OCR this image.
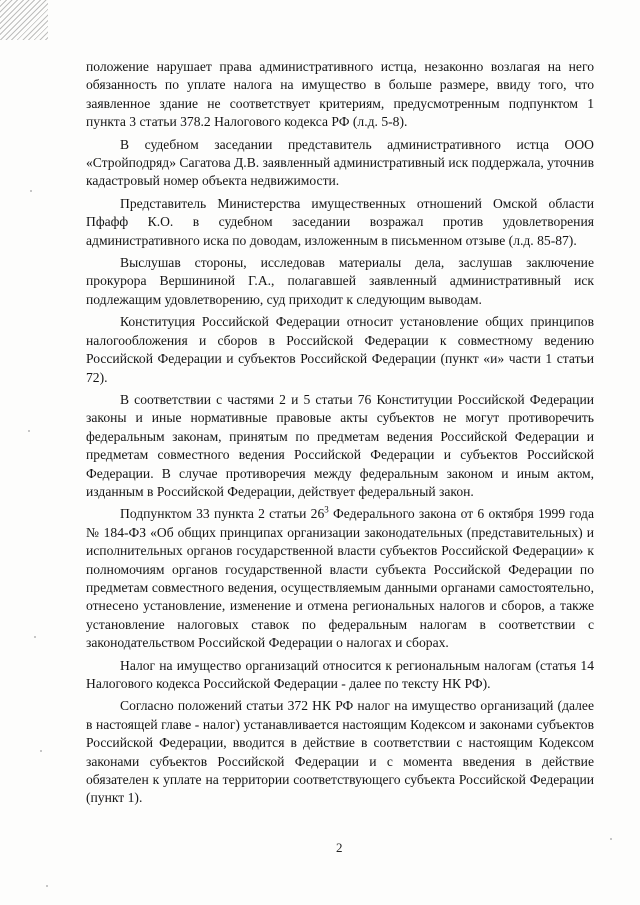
положение нарушает права административного истца, незаконно возлагая на него обязанность по уплате налога на имущество в больше размере, ввиду того, что заявленное здание не соответствует критериям, предусмотренным подпунктом 1 пункта 3 статьи 378.2 Налогового кодекса РФ (л.д. 5-8).

В судебном заседании представитель административного истца ООО «Стройподряд» Сагатова Д.В. заявленный административный иск поддержала, уточнив кадастровый номер объекта недвижимости.

Представитель Министерства имущественных отношений Омской области Пфафф К.О. в судебном заседании возражал против удовлетворения административного иска по доводам, изложенным в письменном отзыве (л.д. 85-87).

Выслушав стороны, исследовав материалы дела, заслушав заключение прокурора Вершининой Г.А., полагавшей заявленный административный иск подлежащим удовлетворению, суд приходит к следующим выводам.

Конституция Российской Федерации относит установление общих принципов налогообложения и сборов в Российской Федерации к совместному ведению Российской Федерации и субъектов Российской Федерации (пункт «и» части 1 статьи 72).

В соответствии с частями 2 и 5 статьи 76 Конституции Российской Федерации законы и иные нормативные правовые акты субъектов не могут противоречить федеральным законам, принятым по предметам ведения Российской Федерации и предметам совместного ведения Российской Федерации и субъектов Российской Федерации. В случае противоречия между федеральным законом и иным актом, изданным в Российской Федерации, действует федеральный закон.

Подпунктом 33 пункта 2 статьи $26^3$ Федерального закона от 6 октября 1999 года № 184-ФЗ «Об общих принципах организации законодательных (представительных) и исполнительных органов государственной власти субъектов Российской Федерации» к полномочиям органов государственной власти субъекта Российской Федерации по предметам совместного ведения, осуществляемым данными органами самостоятельно, отнесено установление, изменение и отмена региональных налогов и сборов, а также установление налоговых ставок по федеральным налогам в соответствии с законодательством Российской Федерации о налогах и сборах.

Налог на имущество организаций относится к региональным налогам (статья 14 Налогового кодекса Российской Федерации - далее по тексту НК РФ).

Согласно положений статьи 372 НК РФ налог на имущество организаций (далее в настоящей главе - налог) устанавливается настоящим Кодексом и законами субъектов Российской Федерации, вводится в действие в соответствии с настоящим Кодексом законами субъектов Российской Федерации и с момента введения в действие обязателен к уплате на территории соответствующего субъекта Российской Федерации (пункт 1).

2
